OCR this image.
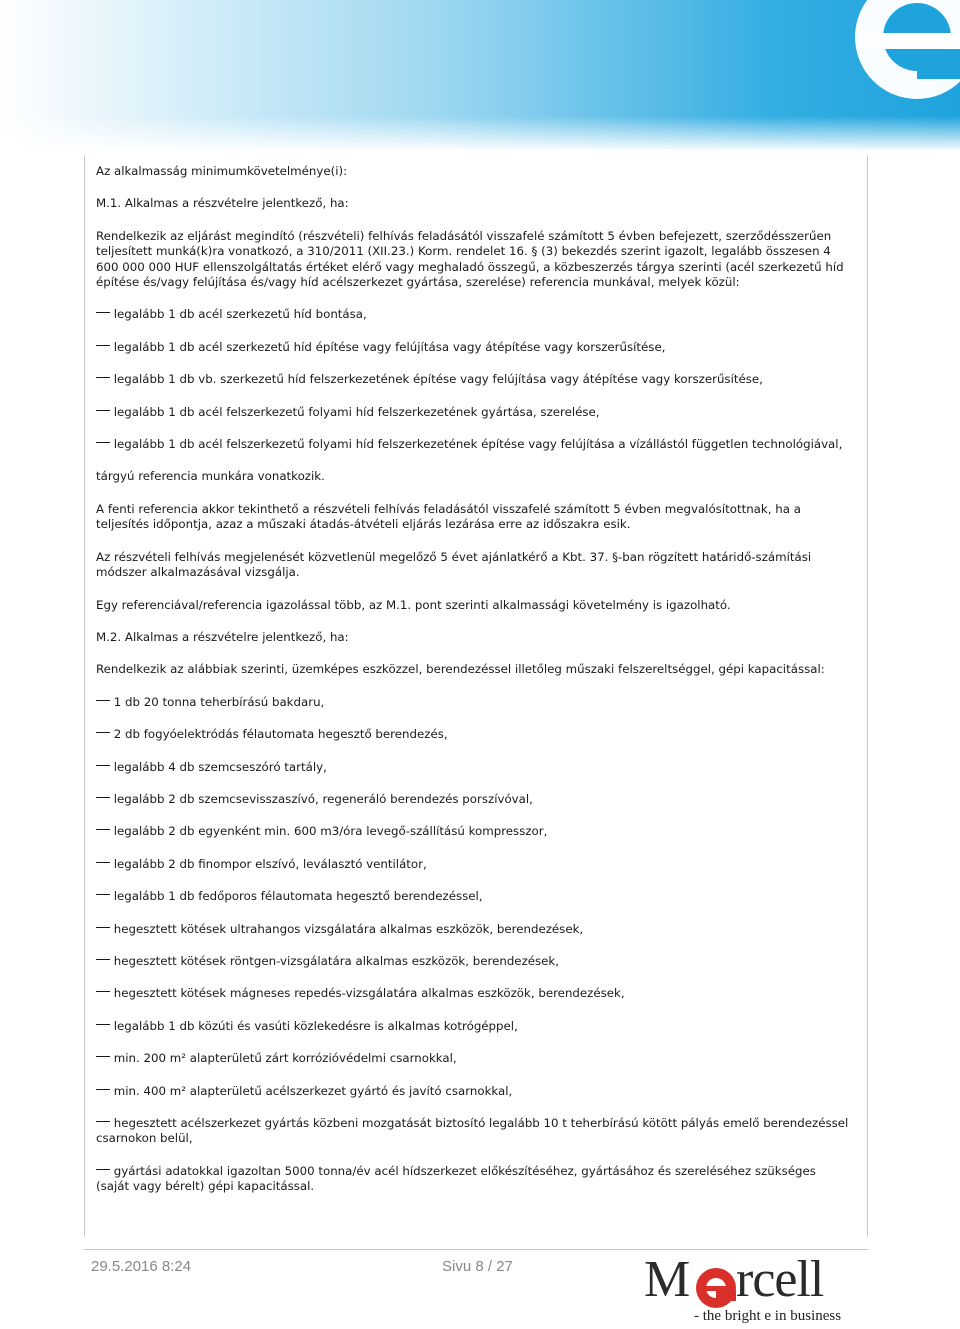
Az alkalmasság minimumkövetelménye(i):

M.1. Alkalmas a részvételre jelentkező, ha:

Rendelkezik az eljárást megindító (részvételi) felhívás feladásától visszafelé számított 5 évben befejezett, szerződésszerűen teljesített munká(k)ra vonatkozó, a 310/2011 (XII.23.) Korm. rendelet 16. § (3) bekezdés szerint igazolt, legalább összesen 4 600 000 000 HUF ellenszolgáltatás értéket elérő vagy meghaladó összegű, a közbeszerzés tárgya szerinti (acél szerkezetű híd építése és/vagy felújítása és/vagy híd acélszerkezet gyártása, szerelése) referencia munkával, melyek közül:

legalább 1 db acél szerkezetű híd bontása,

legalább 1 db acél szerkezetű híd építése vagy felújítása vagy átépítése vagy korszerűsítése,

legalább 1 db vb. szerkezetű híd felszerkezetének építése vagy felújítása vagy átépítése vagy korszerűsítése,

legalább 1 db acél felszerkezetű folyami híd felszerkezetének gyártása, szerelése,

legalább 1 db acél felszerkezetű folyami híd felszerkezetének építése vagy felújítása a vízállástól független technológiával,

tárgyú referencia munkára vonatkozik.

A fenti referencia akkor tekinthető a részvételi felhívás feladásától visszafelé számított 5 évben megvalósítottnak, ha a teljesítés időpontja, azaz a műszaki átadás-átvételi eljárás lezárása erre az időszakra esik.

Az részvételi felhívás megjelenését közvetlenül megelőző 5 évet ajánlatkérő a Kbt. 37. §-ban rögzített határidő-számítási módszer alkalmazásával vizsgálja.

Egy referenciával/referencia igazolással több, az M.1. pont szerinti alkalmassági követelmény is igazolható.

M.2. Alkalmas a részvételre jelentkező, ha:

Rendelkezik az alábbiak szerinti, üzemképes eszközzel, berendezéssel illetőleg műszaki felszereltséggel, gépi kapacitással:

1 db 20 tonna teherbírású bakdaru,

2 db fogyóelektródás félautomata hegesztő berendezés,

legalább 4 db szemcseszóró tartály,

legalább 2 db szemcsevisszaszívó, regeneráló berendezés porszívóval,

legalább 2 db egyenként min. 600 m3/óra levegő-szállítású kompresszor,

legalább 2 db finompor elszívó, leválasztó ventilátor,

legalább 1 db fedőporos félautomata hegesztő berendezéssel,

hegesztett kötések ultrahangos vizsgálatára alkalmas eszközök, berendezések,

hegesztett kötések röntgen-vizsgálatára alkalmas eszközök, berendezések,

hegesztett kötések mágneses repedés-vizsgálatára alkalmas eszközök, berendezések,

legalább 1 db közúti és vasúti közlekedésre is alkalmas kotrógéppel,

min. 200 m² alapterületű zárt korrózióvédelmi csarnokkal,

min. 400 m² alapterületű acélszerkezet gyártó és javító csarnokkal,

hegesztett acélszerkezet gyártás közbeni mozgatását biztosító legalább 10 t teherbírású kötött pályás emelő berendezéssel csarnokon belül,

gyártási adatokkal igazoltan 5000 tonna/év acél hídszerkezet előkészítéséhez, gyártásához és szereléséhez szükséges (saját vagy bérelt) gépi kapacitással.

29.5.2016 8:24	Sivu 8 / 27	M rcell
- the bright e in business
